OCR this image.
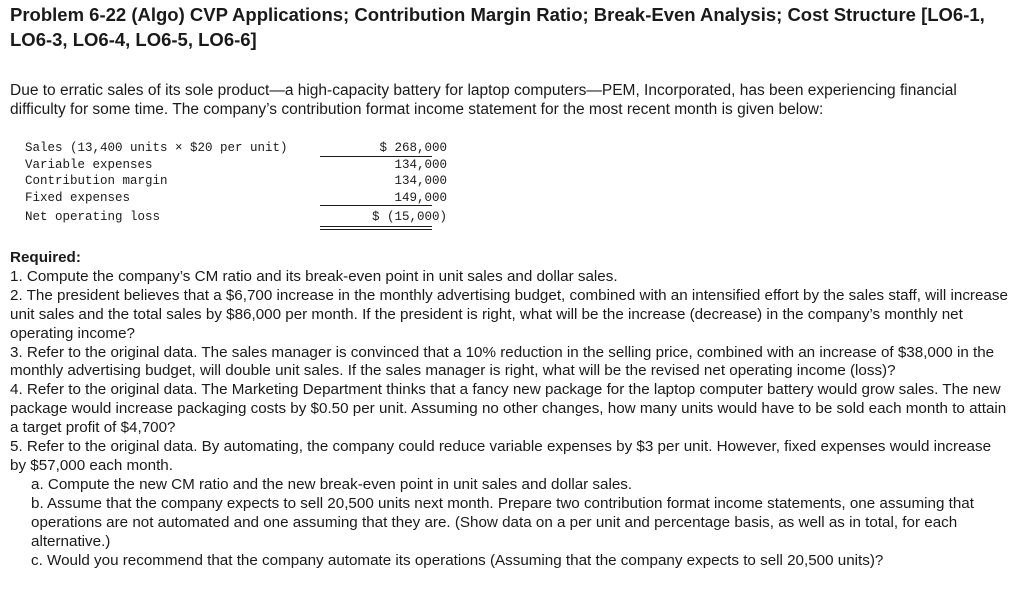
Problem 6-22 (Algo) CVP Applications; Contribution Margin Ratio; Break-Even Analysis; Cost Structure [LO6-1, LO6-3, LO6-4, LO6-5, LO6-6]

Due to erratic sales of its sole product—a high-capacity battery for laptop computers—PEM, Incorporated, has been experiencing financial difficulty for some time. The company’s contribution format income statement for the most recent month is given below:

Sales (13,400 units × $20 per unit)	$ 268,000
Variable expenses	134,000
Contribution margin	134,000
Fixed expenses	149,000
Net operating loss	$ (15,000)
Required:

1. Compute the company’s CM ratio and its break-even point in unit sales and dollar sales.

2. The president believes that a $6,700 increase in the monthly advertising budget, combined with an intensified effort by the sales staff, will increase unit sales and the total sales by $86,000 per month. If the president is right, what will be the increase (decrease) in the company’s monthly net operating income?

3. Refer to the original data. The sales manager is convinced that a 10% reduction in the selling price, combined with an increase of $38,000 in the monthly advertising budget, will double unit sales. If the sales manager is right, what will be the revised net operating income (loss)?

4. Refer to the original data. The Marketing Department thinks that a fancy new package for the laptop computer battery would grow sales. The new package would increase packaging costs by $0.50 per unit. Assuming no other changes, how many units would have to be sold each month to attain a target profit of $4,700?

5. Refer to the original data. By automating, the company could reduce variable expenses by $3 per unit. However, fixed expenses would increase by $57,000 each month.

a. Compute the new CM ratio and the new break-even point in unit sales and dollar sales.

b. Assume that the company expects to sell 20,500 units next month. Prepare two contribution format income statements, one assuming that operations are not automated and one assuming that they are. (Show data on a per unit and percentage basis, as well as in total, for each alternative.)

c. Would you recommend that the company automate its operations (Assuming that the company expects to sell 20,500 units)?
